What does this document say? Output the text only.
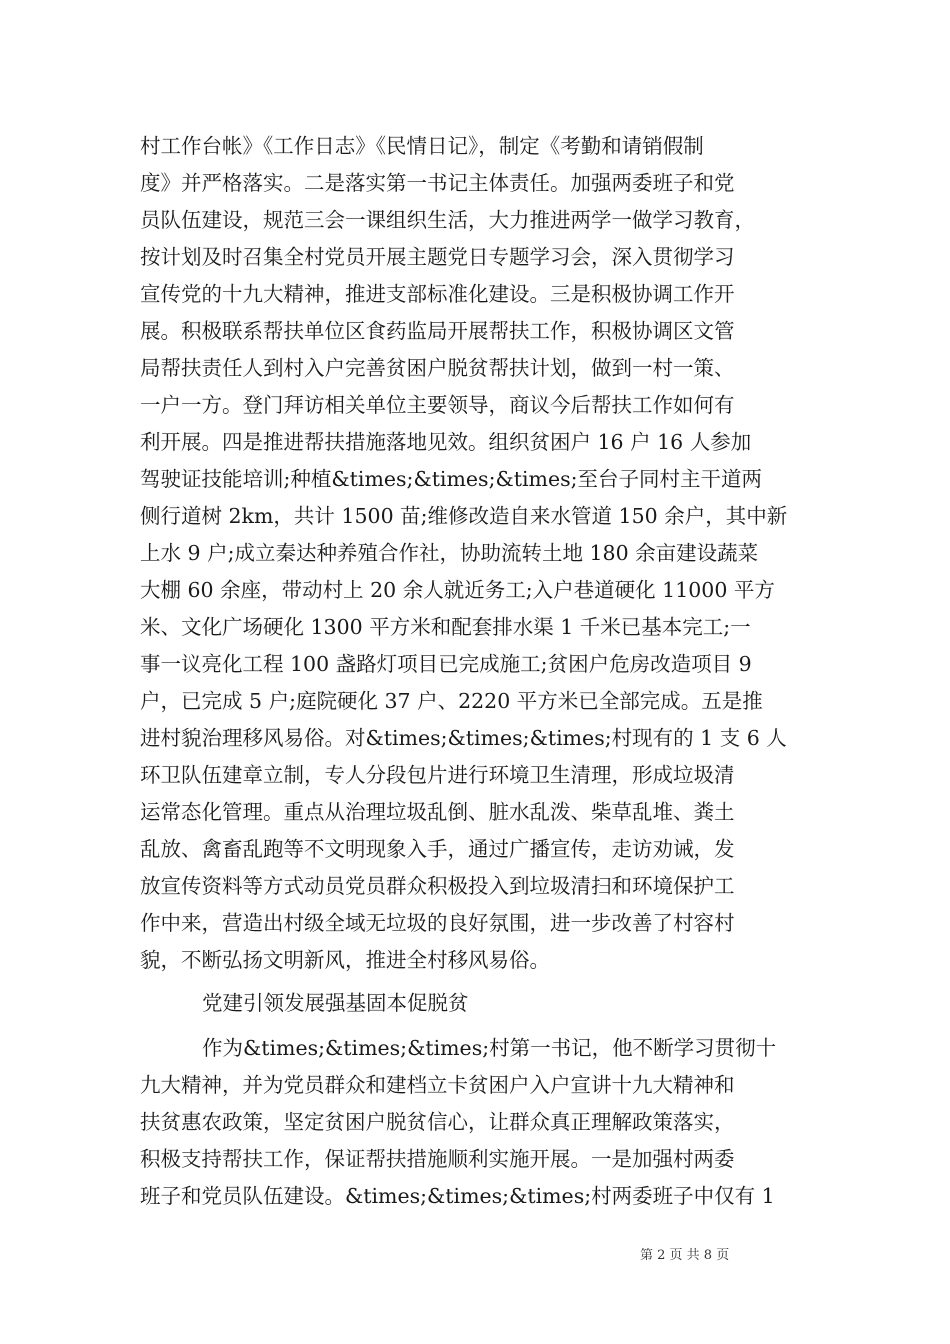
村工作台帐》《工作日志》《民情日记》，制定《考勤和请销假制
度》并严格落实。二是落实第一书记主体责任。加强两委班子和党
员队伍建设，规范三会一课组织生活，大力推进两学一做学习教育，
按计划及时召集全村党员开展主题党日专题学习会，深入贯彻学习
宣传党的十九大精神，推进支部标准化建设。三是积极协调工作开
展。积极联系帮扶单位区食药监局开展帮扶工作，积极协调区文管
局帮扶责任人到村入户完善贫困户脱贫帮扶计划，做到一村一策、
一户一方。登门拜访相关单位主要领导，商议今后帮扶工作如何有
利开展。四是推进帮扶措施落地见效。组织贫困户 16 户 16 人参加
驾驶证技能培训;种植&times;&times;&times;至台子同村主干道两
侧行道树 2km，共计 1500 苗;维修改造自来水管道 150 余户，其中新
上水 9 户;成立秦达种养殖合作社，协助流转土地 180 余亩建设蔬菜
大棚 60 余座，带动村上 20 余人就近务工;入户巷道硬化 11000 平方
米、文化广场硬化 1300 平方米和配套排水渠 1 千米已基本完工;一
事一议亮化工程 100 盏路灯项目已完成施工;贫困户危房改造项目 9
户，已完成 5 户;庭院硬化 37 户、2220 平方米已全部完成。五是推
进村貌治理移风易俗。对&times;&times;&times;村现有的 1 支 6 人
环卫队伍建章立制，专人分段包片进行环境卫生清理，形成垃圾清
运常态化管理。重点从治理垃圾乱倒、脏水乱泼、柴草乱堆、粪土
乱放、禽畜乱跑等不文明现象入手，通过广播宣传，走访劝诫，发
放宣传资料等方式动员党员群众积极投入到垃圾清扫和环境保护工
作中来，营造出村级全域无垃圾的良好氛围，进一步改善了村容村
貌，不断弘扬文明新风，推进全村移风易俗。
党建引领发展强基固本促脱贫
作为&times;&times;&times;村第一书记，他不断学习贯彻十
九大精神，并为党员群众和建档立卡贫困户入户宣讲十九大精神和
扶贫惠农政策，坚定贫困户脱贫信心，让群众真正理解政策落实，
积极支持帮扶工作，保证帮扶措施顺利实施开展。一是加强村两委
班子和党员队伍建设。&times;&times;&times;村两委班子中仅有 1
第 2 页 共 8 页
